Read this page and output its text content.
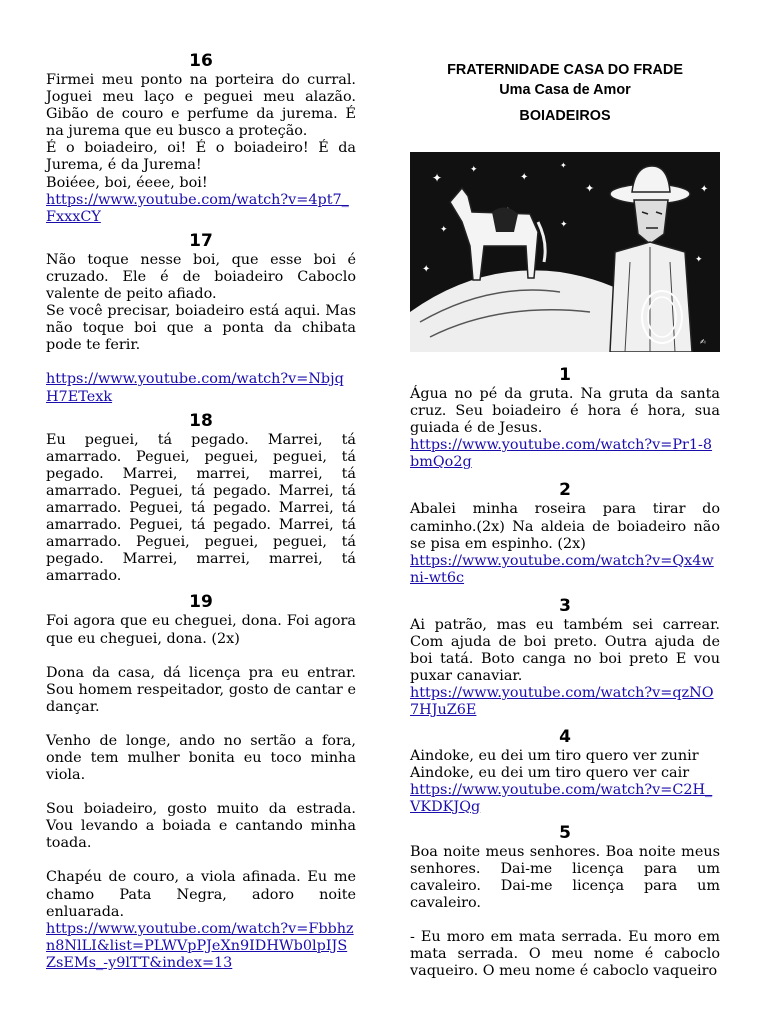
16

Firmei meu ponto na porteira do curral. Joguei meu laço e peguei meu alazão. Gibão de couro e perfume da jurema. É na jurema que eu busco a proteção.

É o boiadeiro, oi! É o boiadeiro! É da Jurema, é da Jurema!

Boiéee, boi, éeee, boi!

https://www.youtube.com/watch?v=4pt7_FxxxCY
17

Não toque nesse boi, que esse boi é cruzado. Ele é de boiadeiro Caboclo valente de peito afiado.

Se você precisar, boiadeiro está aqui. Mas não toque boi que a ponta da chibata pode te ferir.

https://www.youtube.com/watch?v=NbjqH7ETexk
18

Eu peguei, tá pegado. Marrei, tá amarrado. Peguei, peguei, peguei, tá pegado. Marrei, marrei, marrei, tá amarrado. Peguei, tá pegado. Marrei, tá amarrado. Peguei, tá pegado. Marrei, tá amarrado. Peguei, tá pegado. Marrei, tá amarrado. Peguei, peguei, peguei, tá pegado. Marrei, marrei, marrei, tá amarrado.

19

Foi agora que eu cheguei, dona. Foi agora que eu cheguei, dona. (2x)

Dona da casa, dá licença pra eu entrar. Sou homem respeitador, gosto de cantar e dançar.

Venho de longe, ando no sertão a fora, onde tem mulher bonita eu toco minha viola.

Sou boiadeiro, gosto muito da estrada. Vou levando a boiada e cantando minha toada.

Chapéu de couro, a viola afinada. Eu me chamo Pata Negra, adoro noite enluarada.

https://www.youtube.com/watch?v=Fbbhzn8NlLI&list=PLWVpPJeXn9IDHWb0lpIJSZsEMs_-y9lTT&index=13
FRATERNIDADE CASA DO FRADE
Uma Casa de Amor
BOIADEIROS
✦
✦
✦
✦
✦
✦
✦
✦
✦
✦
✍
1

Água no pé da gruta. Na gruta da santa cruz. Seu boiadeiro é hora é hora, sua guiada é de Jesus.

https://www.youtube.com/watch?v=Pr1-8bmQo2g
2

Abalei minha roseira para tirar do caminho.(2x) Na aldeia de boiadeiro não se pisa em espinho. (2x)

https://www.youtube.com/watch?v=Qx4wni-wt6c
3

Ai patrão, mas eu também sei carrear. Com ajuda de boi preto. Outra ajuda de boi tatá. Boto canga no boi preto E vou puxar canaviar.

https://www.youtube.com/watch?v=qzNO7HJuZ6E
4

Aindoke, eu dei um tiro quero ver zunir

Aindoke, eu dei um tiro quero ver cair

https://www.youtube.com/watch?v=C2H_VKDKJQg
5

Boa noite meus senhores. Boa noite meus senhores. Dai-me licença para um cavaleiro. Dai-me licença para um cavaleiro.

- Eu moro em mata serrada. Eu moro em mata serrada. O meu nome é caboclo vaqueiro. O meu nome é caboclo vaqueiro
